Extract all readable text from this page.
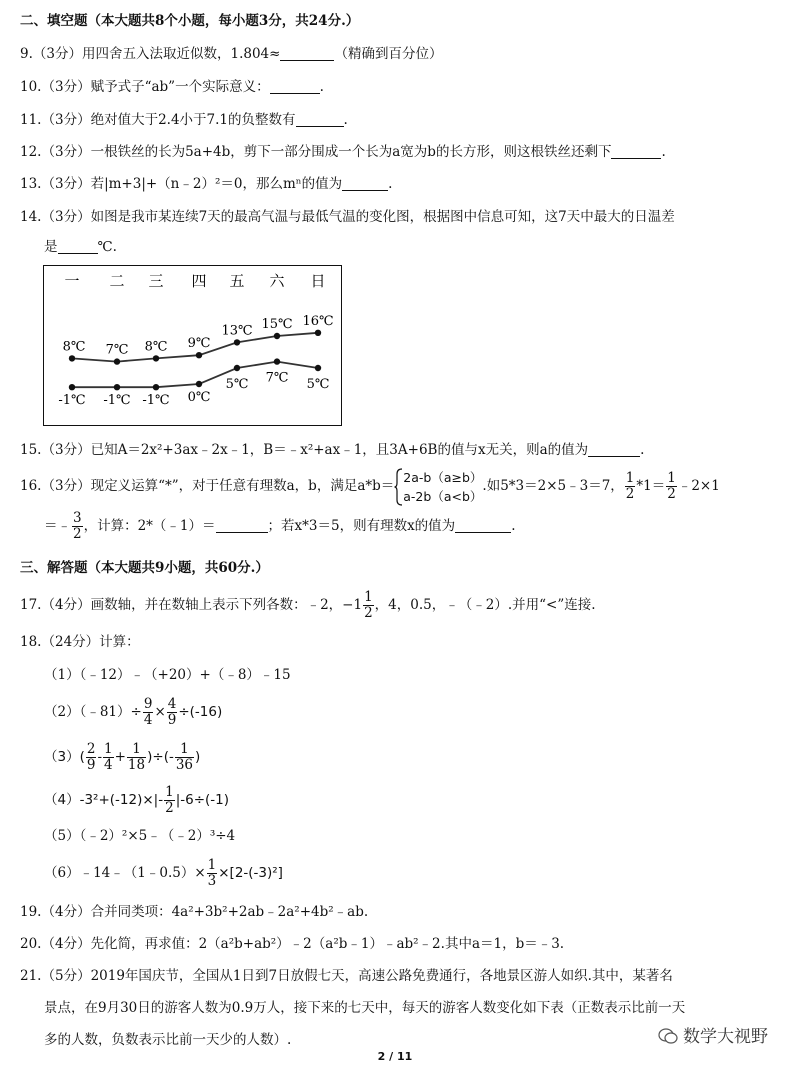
二、填空题（本大题共8个小题，每小题3分，共24分.）
9.（3分）用四舍五入法取近似数，1.804≈	（精确到百分位）
10.（3分）赋予式子“ab”一个实际意义：	.
11.（3分）绝对值大于2.4小于7.1的负整数有	.
12.（3分）一根铁丝的长为5a+4b，剪下一部分围成一个长为a宽为b的长方形，则这根铁丝还剩下	.
13.（3分）若|m+3|+（n﹣2）²＝0，那么mⁿ的值为	.
14.（3分）如图是我市某连续7天的最高气温与最低气温的变化图，根据图中信息可知，这7天中最大的日温差
是	℃.
一 二 三 四 五 六 日
8℃ 7℃ 8℃ 9℃
13℃ 15℃ 16℃
-1℃ -1℃ -1℃ 0℃
5℃ 7℃ 5℃
15.（3分）已知A＝2x²+3ax﹣2x﹣1，B＝﹣x²+ax﹣1，且3A+6B的值与x无关，则a的值为	.
16.（3分）现定义运算“*”，对于任意有理数a，b，满足a*b＝
2a-b（a≥b）
a-2b（a<b）
.如5*3＝2×5﹣3＝7， $\frac{1}{2} *1= \frac{1}{2}$ ﹣2×1
＝﹣ $\frac{3}{2}$ ，计算：2*（﹣1）＝	；若x*3＝5，则有理数x的值为	.
三、解答题（本大题共9小题，共60分.）
17.（4分）画数轴，并在数轴上表示下列各数：﹣2，$-1 \frac{1}{2}$ ，4，0.5，﹣（﹣2）.并用“<”连接.
18.（24分）计算：
（1）（﹣12）﹣（+20）+（﹣8）﹣15
（2）（﹣81）÷ $\frac{9}{4} \times \frac{4}{9} \div(-16)$
$(3)( \frac{2}{9} - \frac{1}{4} + \frac{1}{18}$ )÷(- $\frac{1}{36}$ )
$(4)-3^2+(-12)\times|- \frac{1}{2} |-6\div(-1)$
（5）（﹣2）²×5﹣（﹣2）³÷4
（6）﹣14﹣（1﹣0.5）× $\frac{1}{3} \times[2-(-3)^2]$
19.（4分）合并同类项：4a²+3b²+2ab﹣2a²+4b²﹣ab.
20.（4分）先化简，再求值：2（a²b+ab²）﹣2（a²b﹣1）﹣ab²﹣2.其中a＝1，b＝﹣3.
21.（5分）2019年国庆节，全国从1日到7日放假七天，高速公路免费通行，各地景区游人如织.其中，某著名
景点，在9月30日的游客人数为0.9万人，接下来的七天中，每天的游客人数变化如下表（正数表示比前一天
多的人数，负数表示比前一天少的人数）.	数学大视野
2 / 11
